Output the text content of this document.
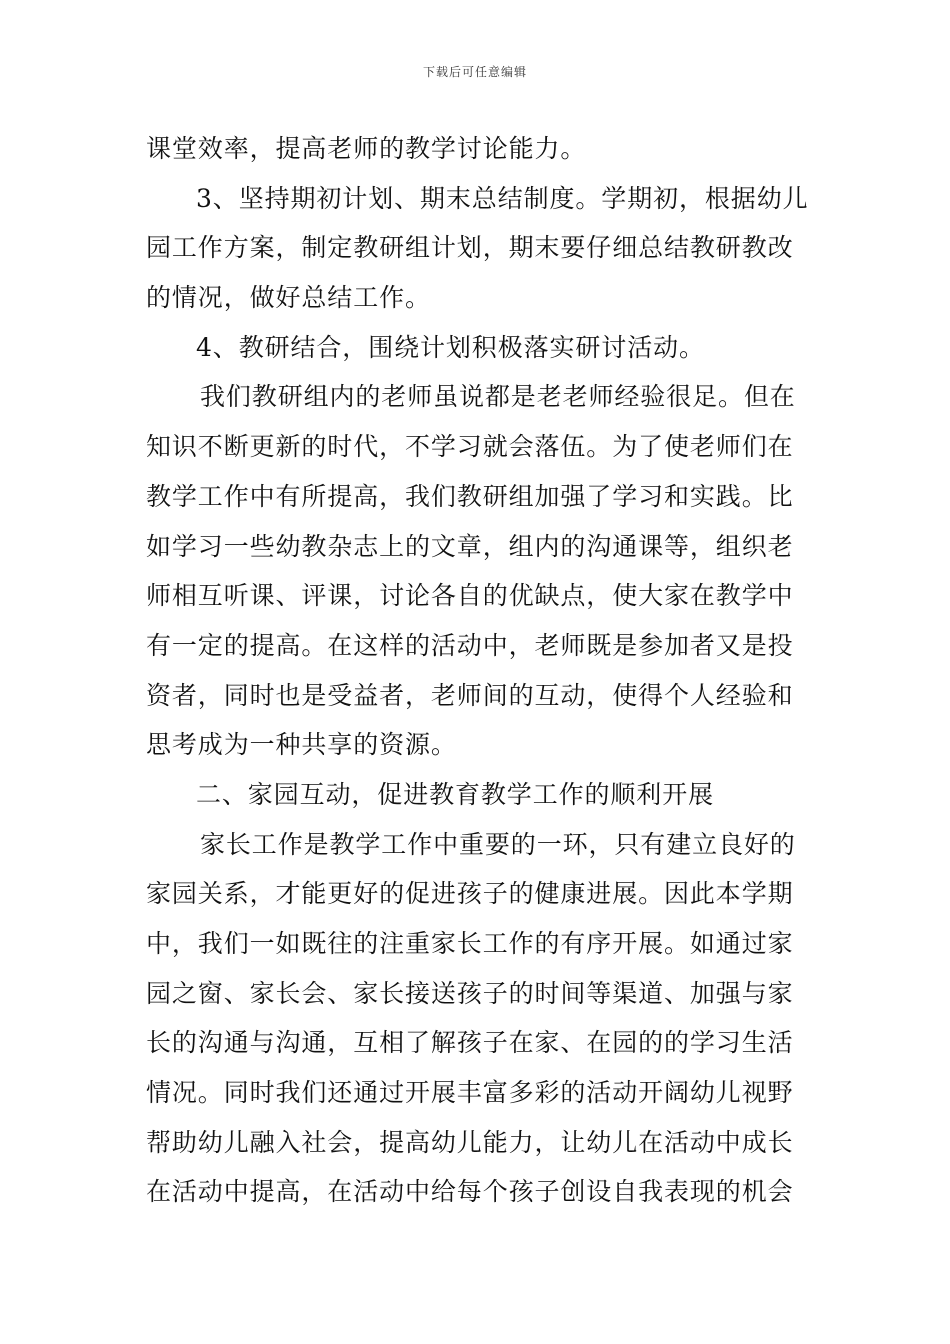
下载后可任意编辑
课堂效率，提高老师的教学讨论能力。
3、坚持期初计划、期末总结制度。学期初，根据幼儿
园工作方案，制定教研组计划，期末要仔细总结教研教改
的情况，做好总结工作。
4、教研结合，围绕计划积极落实研讨活动。
我们教研组内的老师虽说都是老老师经验很足。但在
知识不断更新的时代，不学习就会落伍。为了使老师们在
教学工作中有所提高，我们教研组加强了学习和实践。比
如学习一些幼教杂志上的文章，组内的沟通课等，组织老
师相互听课、评课，讨论各自的优缺点，使大家在教学中
有一定的提高。在这样的活动中，老师既是参加者又是投
资者，同时也是受益者，老师间的互动，使得个人经验和
思考成为一种共享的资源。
二、家园互动，促进教育教学工作的顺利开展
家长工作是教学工作中重要的一环，只有建立良好的
家园关系，才能更好的促进孩子的健康进展。因此本学期
中，我们一如既往的注重家长工作的有序开展。如通过家
园之窗、家长会、家长接送孩子的时间等渠道、加强与家
长的沟通与沟通，互相了解孩子在家、在园的的学习生活
情况。同时我们还通过开展丰富多彩的活动开阔幼儿视野
帮助幼儿融入社会，提高幼儿能力，让幼儿在活动中成长
在活动中提高，在活动中给每个孩子创设自我表现的机会
